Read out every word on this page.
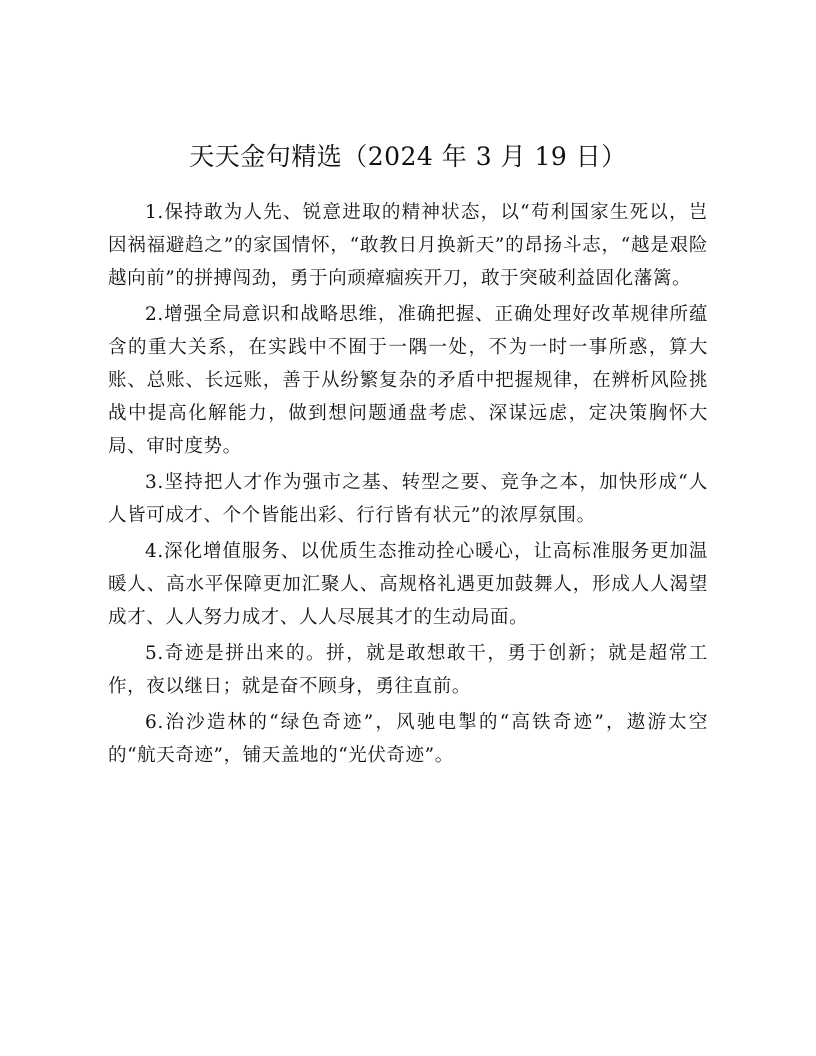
天天金句精选（2024 年 3 月 19 日）

1.保持敢为人先、锐意进取的精神状态，以“苟利国家生死以，岂因祸福避趋之”的家国情怀，“敢教日月换新天”的昂扬斗志，“越是艰险越向前”的拼搏闯劲，勇于向顽瘴痼疾开刀，敢于突破利益固化藩篱。

2.增强全局意识和战略思维，准确把握、正确处理好改革规律所蕴含的重大关系，在实践中不囿于一隅一处，不为一时一事所惑，算大账、总账、长远账，善于从纷繁复杂的矛盾中把握规律，在辨析风险挑战中提高化解能力，做到想问题通盘考虑、深谋远虑，定决策胸怀大局、审时度势。

3.坚持把人才作为强市之基、转型之要、竞争之本，加快形成“人人皆可成才、个个皆能出彩、行行皆有状元”的浓厚氛围。

4.深化增值服务、以优质生态推动拴心暖心，让高标准服务更加温暖人、高水平保障更加汇聚人、高规格礼遇更加鼓舞人，形成人人渴望成才、人人努力成才、人人尽展其才的生动局面。

5.奇迹是拼出来的。拼，就是敢想敢干，勇于创新；就是超常工作，夜以继日；就是奋不顾身，勇往直前。

6.治沙造林的“绿色奇迹”，风驰电掣的“高铁奇迹”，遨游太空的“航天奇迹”，铺天盖地的“光伏奇迹”。
